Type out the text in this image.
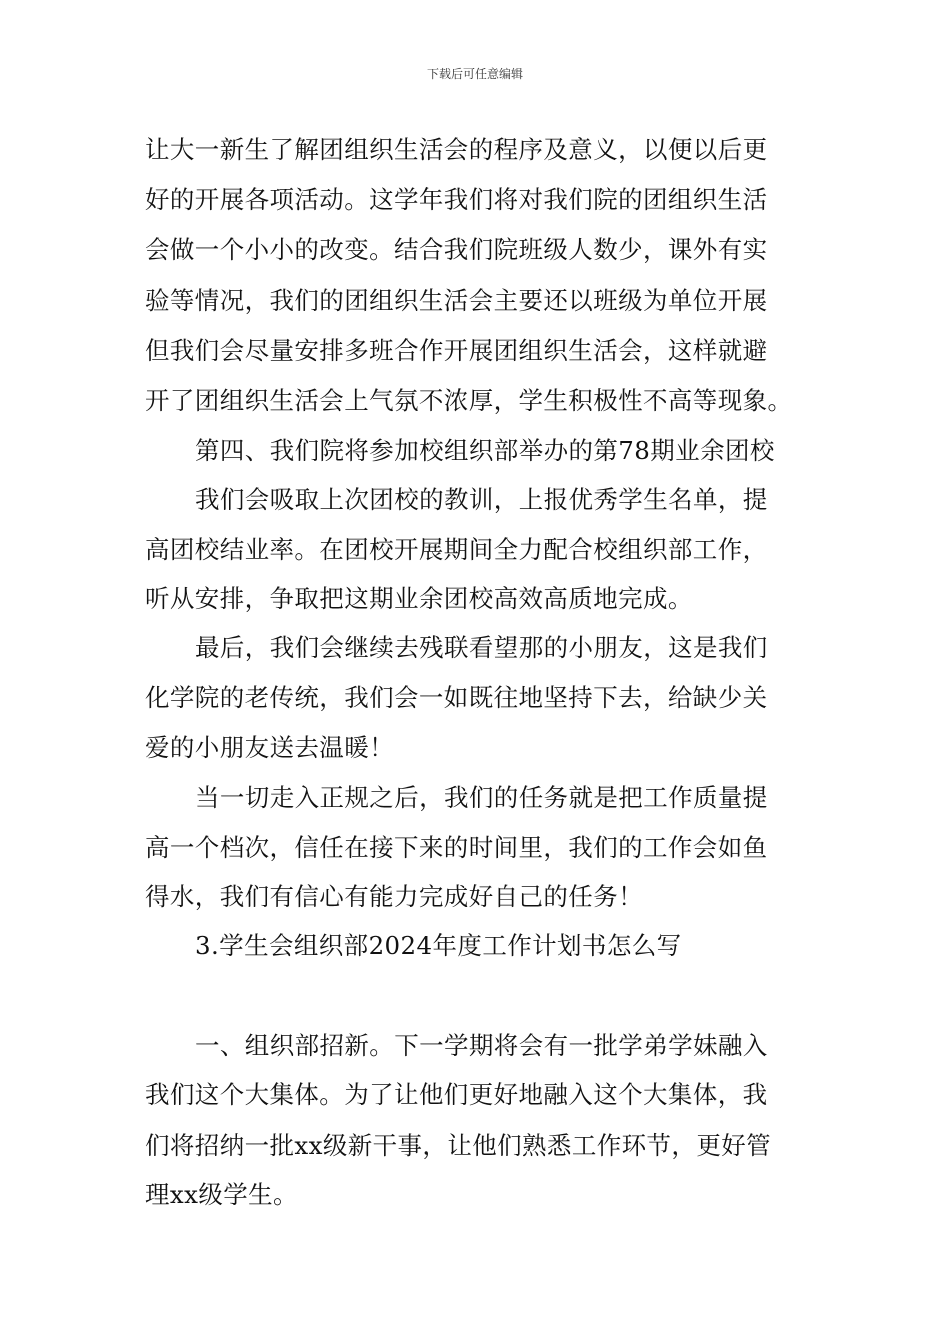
下载后可任意编辑

让大一新生了解团组织生活会的程序及意义，以便以后更

好的开展各项活动。这学年我们将对我们院的团组织生活

会做一个小小的改变。结合我们院班级人数少，课外有实

验等情况，我们的团组织生活会主要还以班级为单位开展

但我们会尽量安排多班合作开展团组织生活会，这样就避

开了团组织生活会上气氛不浓厚，学生积极性不高等现象。

第四、我们院将参加校组织部举办的第78期业余团校

我们会吸取上次团校的教训，上报优秀学生名单，提

高团校结业率。在团校开展期间全力配合校组织部工作，

听从安排，争取把这期业余团校高效高质地完成。

最后，我们会继续去残联看望那的小朋友，这是我们

化学院的老传统，我们会一如既往地坚持下去，给缺少关

爱的小朋友送去温暖！

当一切走入正规之后，我们的任务就是把工作质量提

高一个档次，信任在接下来的时间里，我们的工作会如鱼

得水，我们有信心有能力完成好自己的任务！

3.学生会组织部2024年度工作计划书怎么写

一、组织部招新。下一学期将会有一批学弟学妹融入

我们这个大集体。为了让他们更好地融入这个大集体，我

们将招纳一批xx级新干事，让他们熟悉工作环节，更好管

理xx级学生。
